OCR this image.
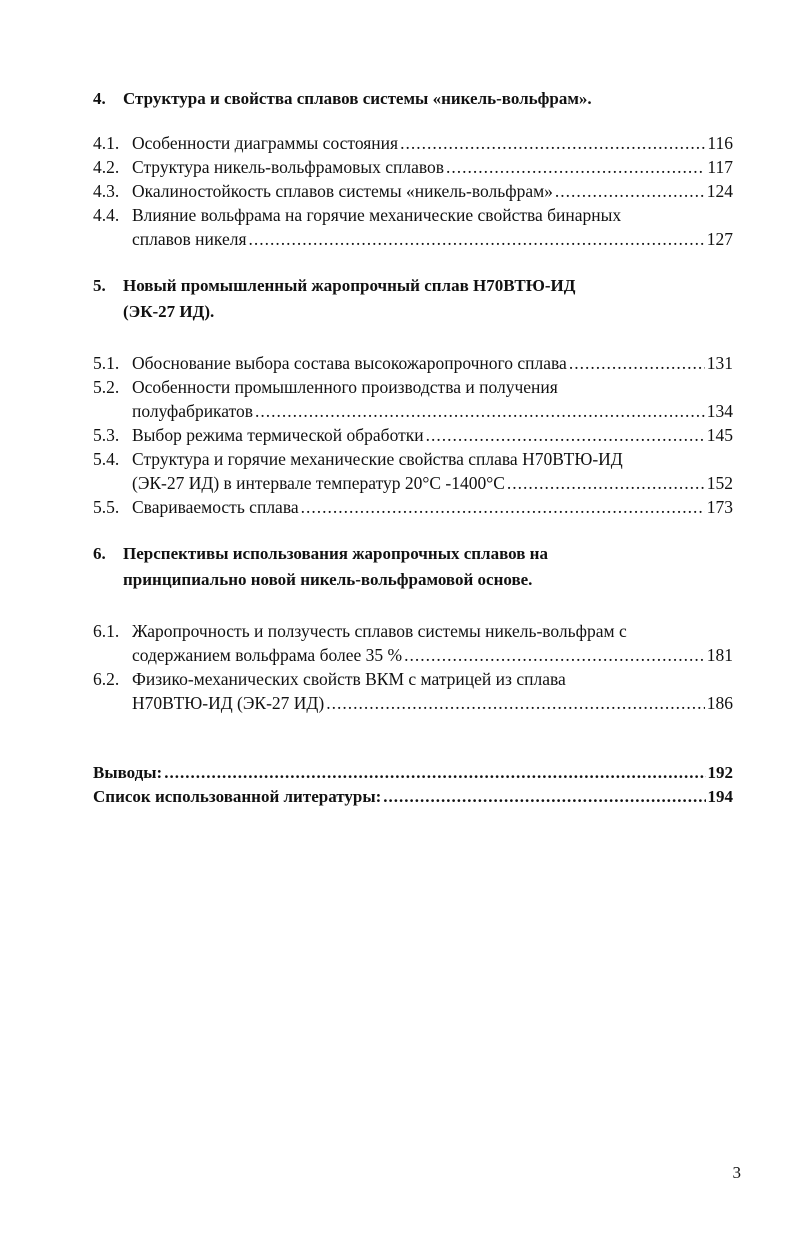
4.	Структура и свойства сплавов системы «никель-вольфрам».
4.1. Особенности диаграммы состояния .....	116
4.2. Структура никель-вольфрамовых сплавов .....	117
4.3. Окалиностойкость сплавов системы «никель-вольфрам» .....	124
4.4. Влияние вольфрама на горячие механические свойства бинарных
сплавов никеля .....	127
5.	Новый промышленный жаропрочный сплав Н70ВТЮ-ИД
(ЭК-27 ИД).
5.1. Обоснование выбора состава высокожаропрочного сплава .....	131
5.2. Особенности промышленного производства и получения
полуфабрикатов .....	134
5.3. Выбор режима термической обработки .....	145
5.4. Структура и горячие механические свойства сплава Н70ВТЮ-ИД
(ЭК-27 ИД) в интервале температур 20°С -1400°С .....	152
5.5. Свариваемость сплава .....	173
6.	Перспективы использования жаропрочных сплавов на
принципиально новой никель-вольфрамовой основе.
6.1. Жаропрочность и ползучесть сплавов системы никель-вольфрам с
содержанием вольфрама более 35 % .....	181
6.2. Физико-механических свойств ВКМ с матрицей из сплава
Н70ВТЮ-ИД (ЭК-27 ИД) .....	186
Выводы: .....	192
Список использованной литературы: .....	194
3
